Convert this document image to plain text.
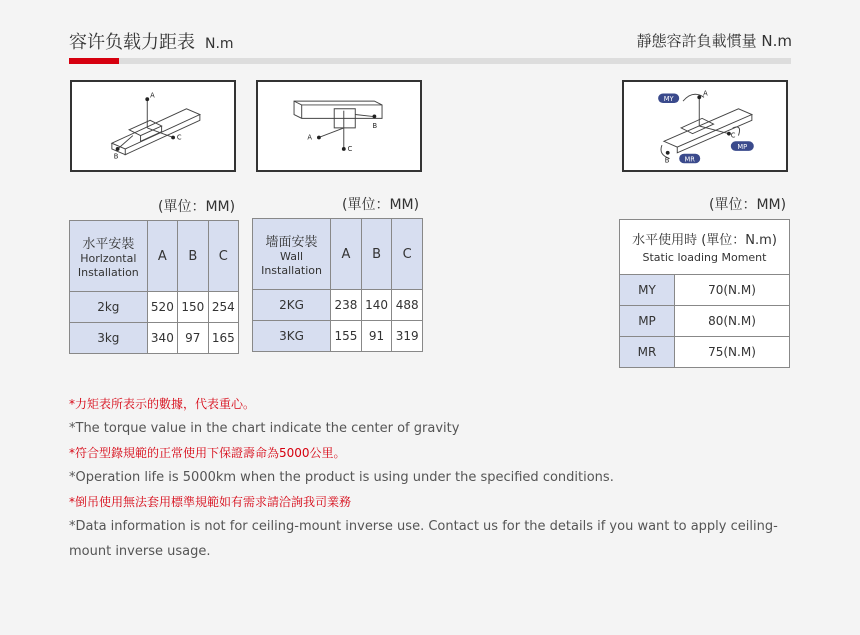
容许负载力距表 N.m	靜態容許負載慣量 N.m
A
C
B
A
B
C
A
B
C
MY
MP
MR
(單位：MM)	(單位：MM)	(單位：MM)
水平安裝
Horlzontal
Installation	A	B	C
2kg	520	150	254
3kg	340	97	165
墻面安裝
Wall
Installation	A	B	C
2KG	238	140	488
3KG	155	91	319
水平使用時 (單位：N.m)
Static loading Moment	

MY	70(N.M)
MP	80(N.M)
MR	75(N.M)
*力矩表所表示的數據，代表重心。
*The torque value in the chart indicate the center of gravity
*符合型錄規範的正常使用下保證壽命為5000公里。
*Operation life is 5000km when the product is using under the specified conditions.
*倒吊使用無法套用標準規範如有需求請洽詢我司業務
*Data information is not for ceiling-mount inverse use. Contact us for the details if you want to apply ceiling-mount inverse usage.
